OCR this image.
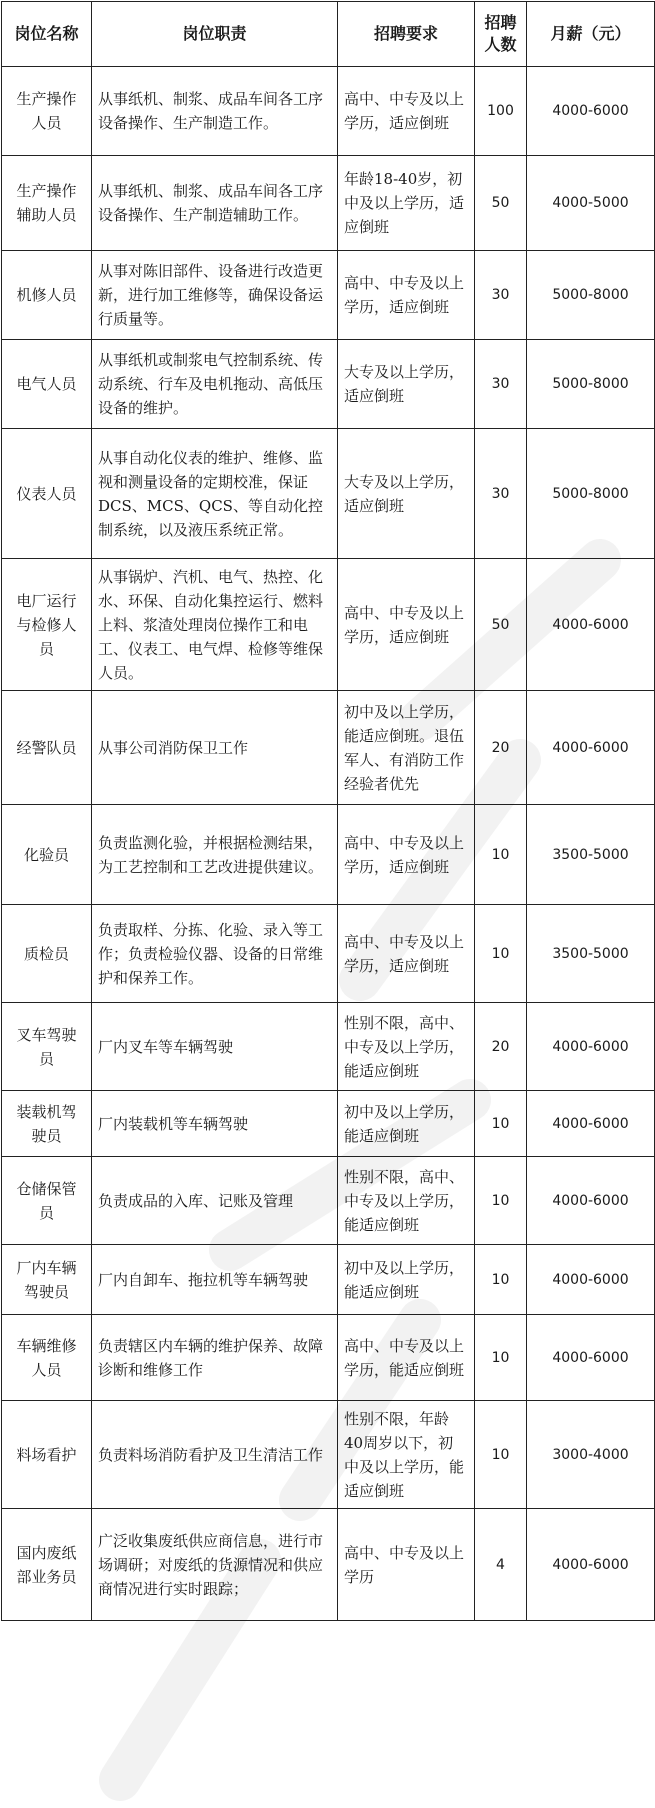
岗位名称	岗位职责	招聘要求	招聘人数	月薪（元）
生产操作人员	从事纸机、制浆、成品车间各工序设备操作、生产制造工作。	高中、中专及以上学历，适应倒班	100	4000-6000
生产操作辅助人员	从事纸机、制浆、成品车间各工序设备操作、生产制造辅助工作。	年龄18-40岁，初中及以上学历，适应倒班	50	4000-5000
机修人员	从事对陈旧部件、设备进行改造更新，进行加工维修等，确保设备运行质量等。	高中、中专及以上学历，适应倒班	30	5000-8000
电气人员	从事纸机或制浆电气控制系统、传动系统、行车及电机拖动、高低压设备的维护。	大专及以上学历，适应倒班	30	5000-8000
仪表人员	从事自动化仪表的维护、维修、监视和测量设备的定期校准，保证DCS、MCS、QCS、等自动化控制系统，以及液压系统正常。	大专及以上学历，适应倒班	30	5000-8000
电厂运行与检修人员	从事锅炉、汽机、电气、热控、化水、环保、自动化集控运行、燃料上料、浆渣处理岗位操作工和电工、仪表工、电气焊、检修等维保人员。	高中、中专及以上学历，适应倒班	50	4000-6000
经警队员	从事公司消防保卫工作	初中及以上学历，能适应倒班。退伍军人、有消防工作经验者优先	20	4000-6000
化验员	负责监测化验，并根据检测结果，为工艺控制和工艺改进提供建议。	高中、中专及以上学历，适应倒班	10	3500-5000
质检员	负责取样、分拣、化验、录入等工作；负责检验仪器、设备的日常维护和保养工作。	高中、中专及以上学历，适应倒班	10	3500-5000
叉车驾驶员	厂内叉车等车辆驾驶	性别不限，高中、中专及以上学历，能适应倒班	20	4000-6000
装载机驾驶员	厂内装载机等车辆驾驶	初中及以上学历，能适应倒班	10	4000-6000
仓储保管员	负责成品的入库、记账及管理	性别不限，高中、中专及以上学历，能适应倒班	10	4000-6000
厂内车辆驾驶员	厂内自卸车、拖拉机等车辆驾驶	初中及以上学历，能适应倒班	10	4000-6000
车辆维修人员	负责辖区内车辆的维护保养、故障诊断和维修工作	高中、中专及以上学历，能适应倒班	10	4000-6000
料场看护	负责料场消防看护及卫生清洁工作	性别不限，年龄40周岁以下，初中及以上学历，能适应倒班	10	3000-4000
国内废纸部业务员	广泛收集废纸供应商信息，进行市场调研；对废纸的货源情况和供应商情况进行实时跟踪；	高中、中专及以上学历	4	4000-6000
